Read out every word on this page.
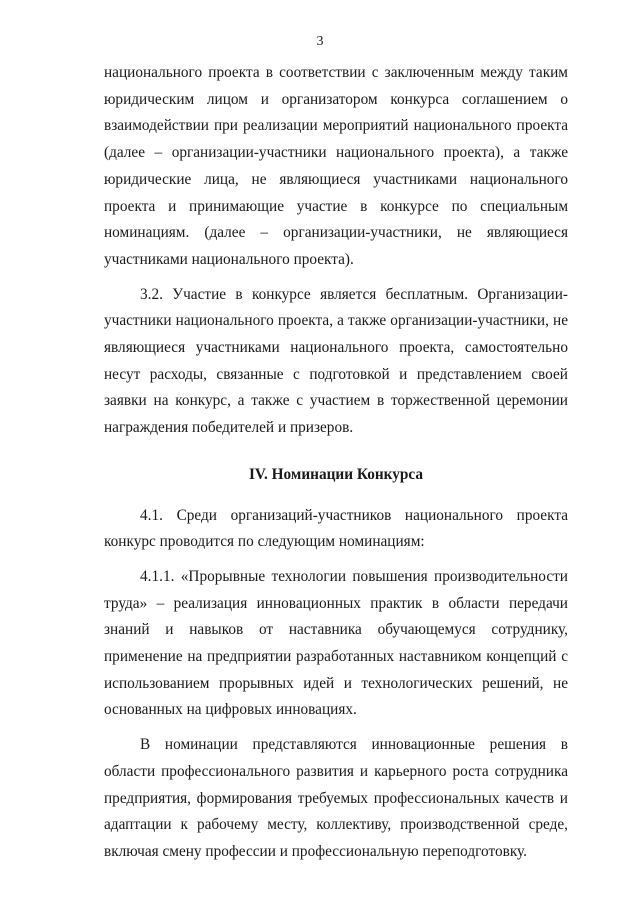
3

национального проекта в соответствии с заключенным между таким юридическим лицом и организатором конкурса соглашением о взаимодействии при реализации мероприятий национального проекта (далее – организации-участники национального проекта), а также юридические лица, не являющиеся участниками национального проекта и принимающие участие в конкурсе по специальным номинациям. (далее – организации-участники, не являющиеся участниками национального проекта).

3.2. Участие в конкурсе является бесплатным. Организации-участники национального проекта, а также организации-участники, не являющиеся участниками национального проекта, самостоятельно несут расходы, связанные с подготовкой и представлением своей заявки на конкурс, а также с участием в торжественной церемонии награждения победителей и призеров.

IV. Номинации Конкурса

4.1. Среди организаций-участников национального проекта конкурс проводится по следующим номинациям:

4.1.1. «Прорывные технологии повышения производительности труда» – реализация инновационных практик в области передачи знаний и навыков от наставника обучающемуся сотруднику, применение на предприятии разработанных наставником концепций с использованием прорывных идей и технологических решений, не основанных на цифровых инновациях.

В номинации представляются инновационные решения в области профессионального развития и карьерного роста сотрудника предприятия, формирования требуемых профессиональных качеств и адаптации к рабочему месту, коллективу, производственной среде, включая смену профессии и профессиональную переподготовку.
